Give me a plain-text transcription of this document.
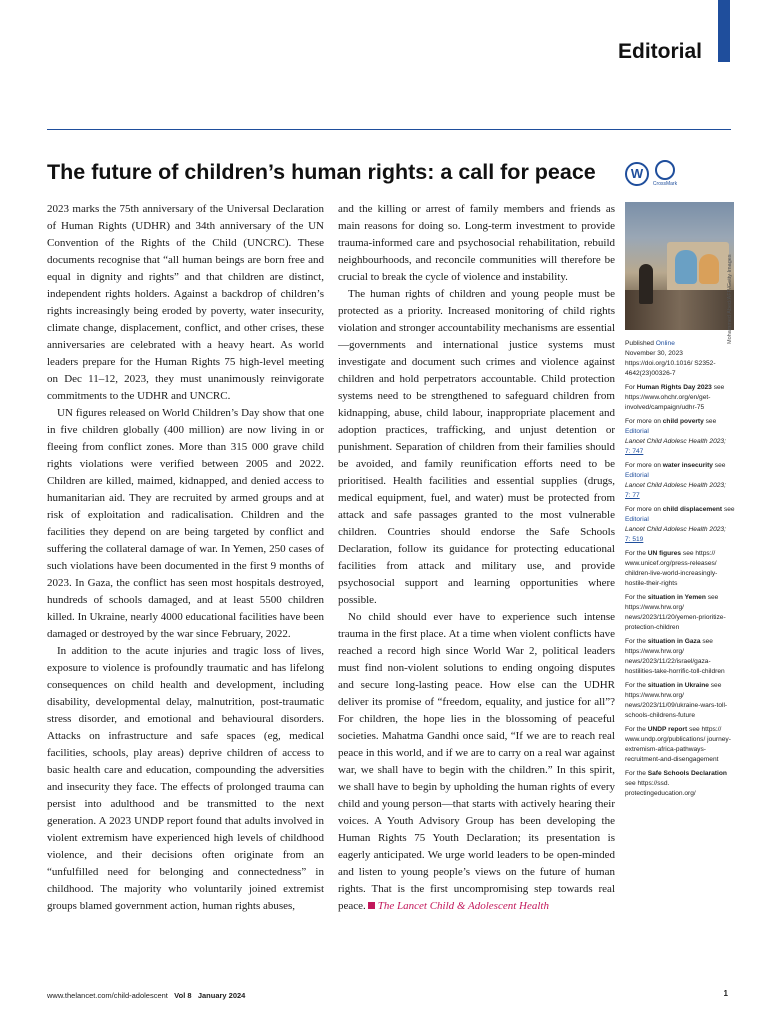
Editorial
The future of children’s human rights: a call for peace	W
CrossMark

2023 marks the 75th anniversary of the Universal Declaration of Human Rights (UDHR) and 34th anniversary of the UN Convention of the Rights of the Child (UNCRC). These documents recognise that “all human beings are born free and equal in dignity and rights” and that children are distinct, independent rights holders. Against a backdrop of children’s rights increasingly being eroded by poverty, water insecurity, climate change, displacement, conflict, and other crises, these anniversaries are celebrated with a heavy heart. As world leaders prepare for the Human Rights 75 high-level meeting on Dec 11–12, 2023, they must unanimously reinvigorate commitments to the UDHR and UNCRC.

UN figures released on World Children’s Day show that one in five children globally (400 million) are now living in or fleeing from conflict zones. More than 315 000 grave child rights violations were verified between 2005 and 2022. Children are killed, maimed, kidnapped, and denied access to humanitarian aid. They are recruited by armed groups and at risk of exploitation and radicalisation. Children and the facilities they depend on are being targeted by conflict and suffering the collateral damage of war. In Yemen, 250 cases of such violations have been documented in the first 9 months of 2023. In Gaza, the conflict has seen most hospitals destroyed, hundreds of schools damaged, and at least 5500 children killed. In Ukraine, nearly 4000 educational facilities have been damaged or destroyed by the war since February, 2022.

In addition to the acute injuries and tragic loss of lives, exposure to violence is profoundly traumatic and has lifelong consequences on child health and development, including disability, developmental delay, malnutrition, post-traumatic stress disorder, and emotional and behavioural disorders. Attacks on infrastructure and safe spaces (eg, medical facilities, schools, play areas) deprive children of access to basic health care and education, compounding the adversities and insecurity they face. The effects of prolonged trauma can persist into adulthood and be transmitted to the next generation. A 2023 UNDP report found that adults involved in violent extremism have experienced high levels of childhood violence, and their decisions often originate from an “unfulfilled need for belonging and connectedness” in childhood. The majority who voluntarily joined extremist groups blamed government action, human rights abuses,

and the killing or arrest of family members and friends as main reasons for doing so. Long-term investment to provide trauma-informed care and psychosocial rehabilitation, rebuild neighbourhoods, and reconcile communities will therefore be crucial to break the cycle of violence and instability.

The human rights of children and young people must be protected as a priority. Increased monitoring of child rights violation and stronger accountability mechanisms are essential—governments and international justice systems must investigate and document such crimes and violence against children and hold perpetrators accountable. Child protection systems need to be strengthened to safeguard children from kidnapping, abuse, child labour, inappropriate placement and adoption practices, trafficking, and unjust detention or punishment. Separation of children from their families should be avoided, and family reunification efforts need to be prioritised. Health facilities and essential supplies (drugs, medical equipment, fuel, and water) must be protected from attack and safe passages granted to the most vulnerable children. Countries should endorse the Safe Schools Declaration, follow its guidance for protecting educational facilities from attack and military use, and provide psychosocial support and learning opportunities where possible.

No child should ever have to experience such intense trauma in the first place. At a time when violent conflicts have reached a record high since World War 2, political leaders must find non-violent solutions to ending ongoing disputes and secure long-lasting peace. How else can the UDHR deliver its promise of “freedom, equality, and justice for all”? For children, the hope lies in the blossoming of peaceful societies. Mahatma Gandhi once said, “If we are to reach real peace in this world, and if we are to carry on a real war against war, we shall have to begin with the children.” In this spirit, we shall have to begin by upholding the human rights of every child and young person—that starts with actively hearing their voices. A Youth Advisory Group has been developing the Human Rights 75 Youth Declaration; its presentation is eagerly anticipated. We urge world leaders to be open-minded and listen to young people’s views on the future of human rights. That is the first uncompromising step towards real peace. The Lancet Child & Adolescent Health

Mohammed Abed/AFP/Getty Images
Published Online
November 30, 2023
https://doi.org/10.1016/ S2352-4642(23)00326-7
For Human Rights Day 2023 see https://www.ohchr.org/en/get-involved/campaign/udhr-75
For more on child poverty see
Editorial
Lancet Child Adolesc Health 2023;
7: 747
For more on water insecurity see
Editorial
Lancet Child Adolesc Health 2023;
7: 77
For more on child displacement see
Editorial
Lancet Child Adolesc Health 2023;
7: 519
For the UN figures see https:// www.unicef.org/press-releases/ children-live-world-increasingly-hostile-their-rights
For the situation in Yemen see https://www.hrw.org/ news/2023/11/20/yemen-prioritize-protection-children
For the situation in Gaza see https://www.hrw.org/ news/2023/11/22/israel/gaza-hostilities-take-horrific-toll-children
For the situation in Ukraine see https://www.hrw.org/ news/2023/11/09/ukraine-wars-toll-schools-childrens-future
For the UNDP report see https:// www.undp.org/publications/ journey-extremism-africa-pathways-recruitment-and-disengagement
For the Safe Schools Declaration see https://ssd. protectingeducation.org/
www.thelancet.com/child-adolescent Vol 8 January 2024	1
